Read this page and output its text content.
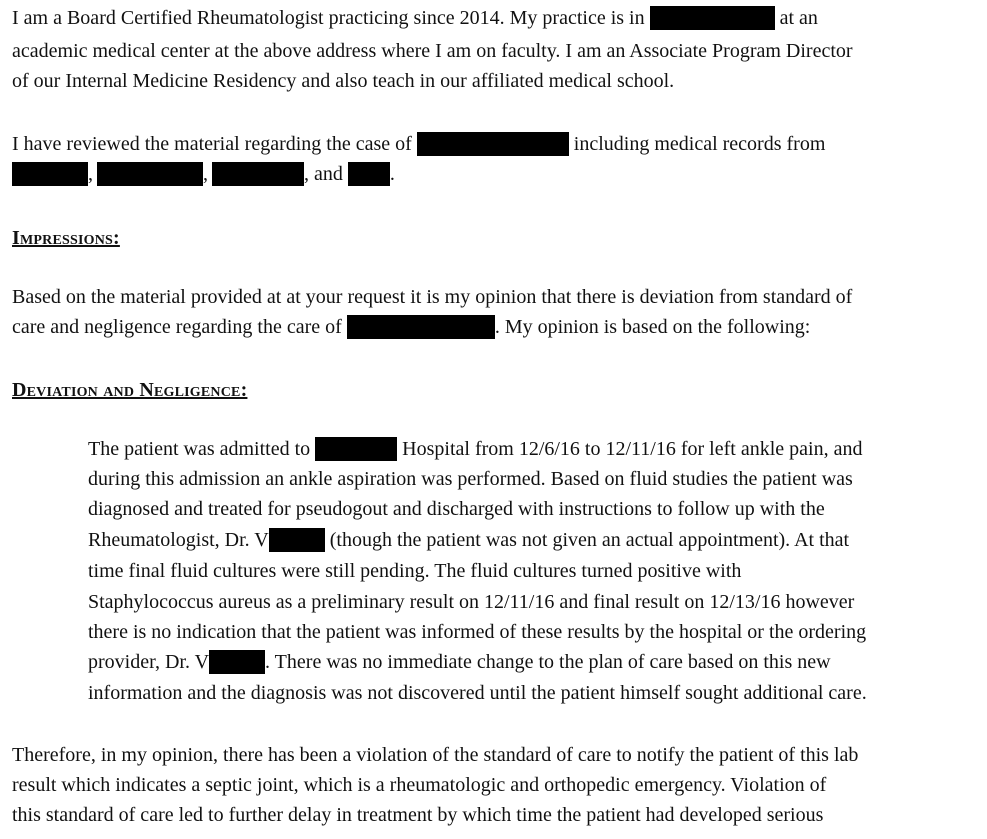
I am a Board Certified Rheumatologist practicing since 2014. My practice is in	at an
academic medical center at the above address where I am on faculty. I am an Associate Program Director
of our Internal Medicine Residency and also teach in our affiliated medical school.
I have reviewed the material regarding the case of	including medical records from
,	,	, and .
Impressions:
Based on the material provided at at your request it is my opinion that there is deviation from standard of
care and negligence regarding the care of	. My opinion is based on the following:
Deviation and Negligence:
The patient was admitted to	Hospital from 12/6/16 to 12/11/16 for left ankle pain, and
during this admission an ankle aspiration was performed. Based on fluid studies the patient was
diagnosed and treated for pseudogout and discharged with instructions to follow up with the
Rheumatologist, Dr. V	(though the patient was not given an actual appointment). At that
time final fluid cultures were still pending. The fluid cultures turned positive with
Staphylococcus aureus as a preliminary result on 12/11/16 and final result on 12/13/16 however
there is no indication that the patient was informed of these results by the hospital or the ordering
provider, Dr. V	. There was no immediate change to the plan of care based on this new
information and the diagnosis was not discovered until the patient himself sought additional care.
Therefore, in my opinion, there has been a violation of the standard of care to notify the patient of this lab
result which indicates a septic joint, which is a rheumatologic and orthopedic emergency. Violation of
this standard of care led to further delay in treatment by which time the patient had developed serious
